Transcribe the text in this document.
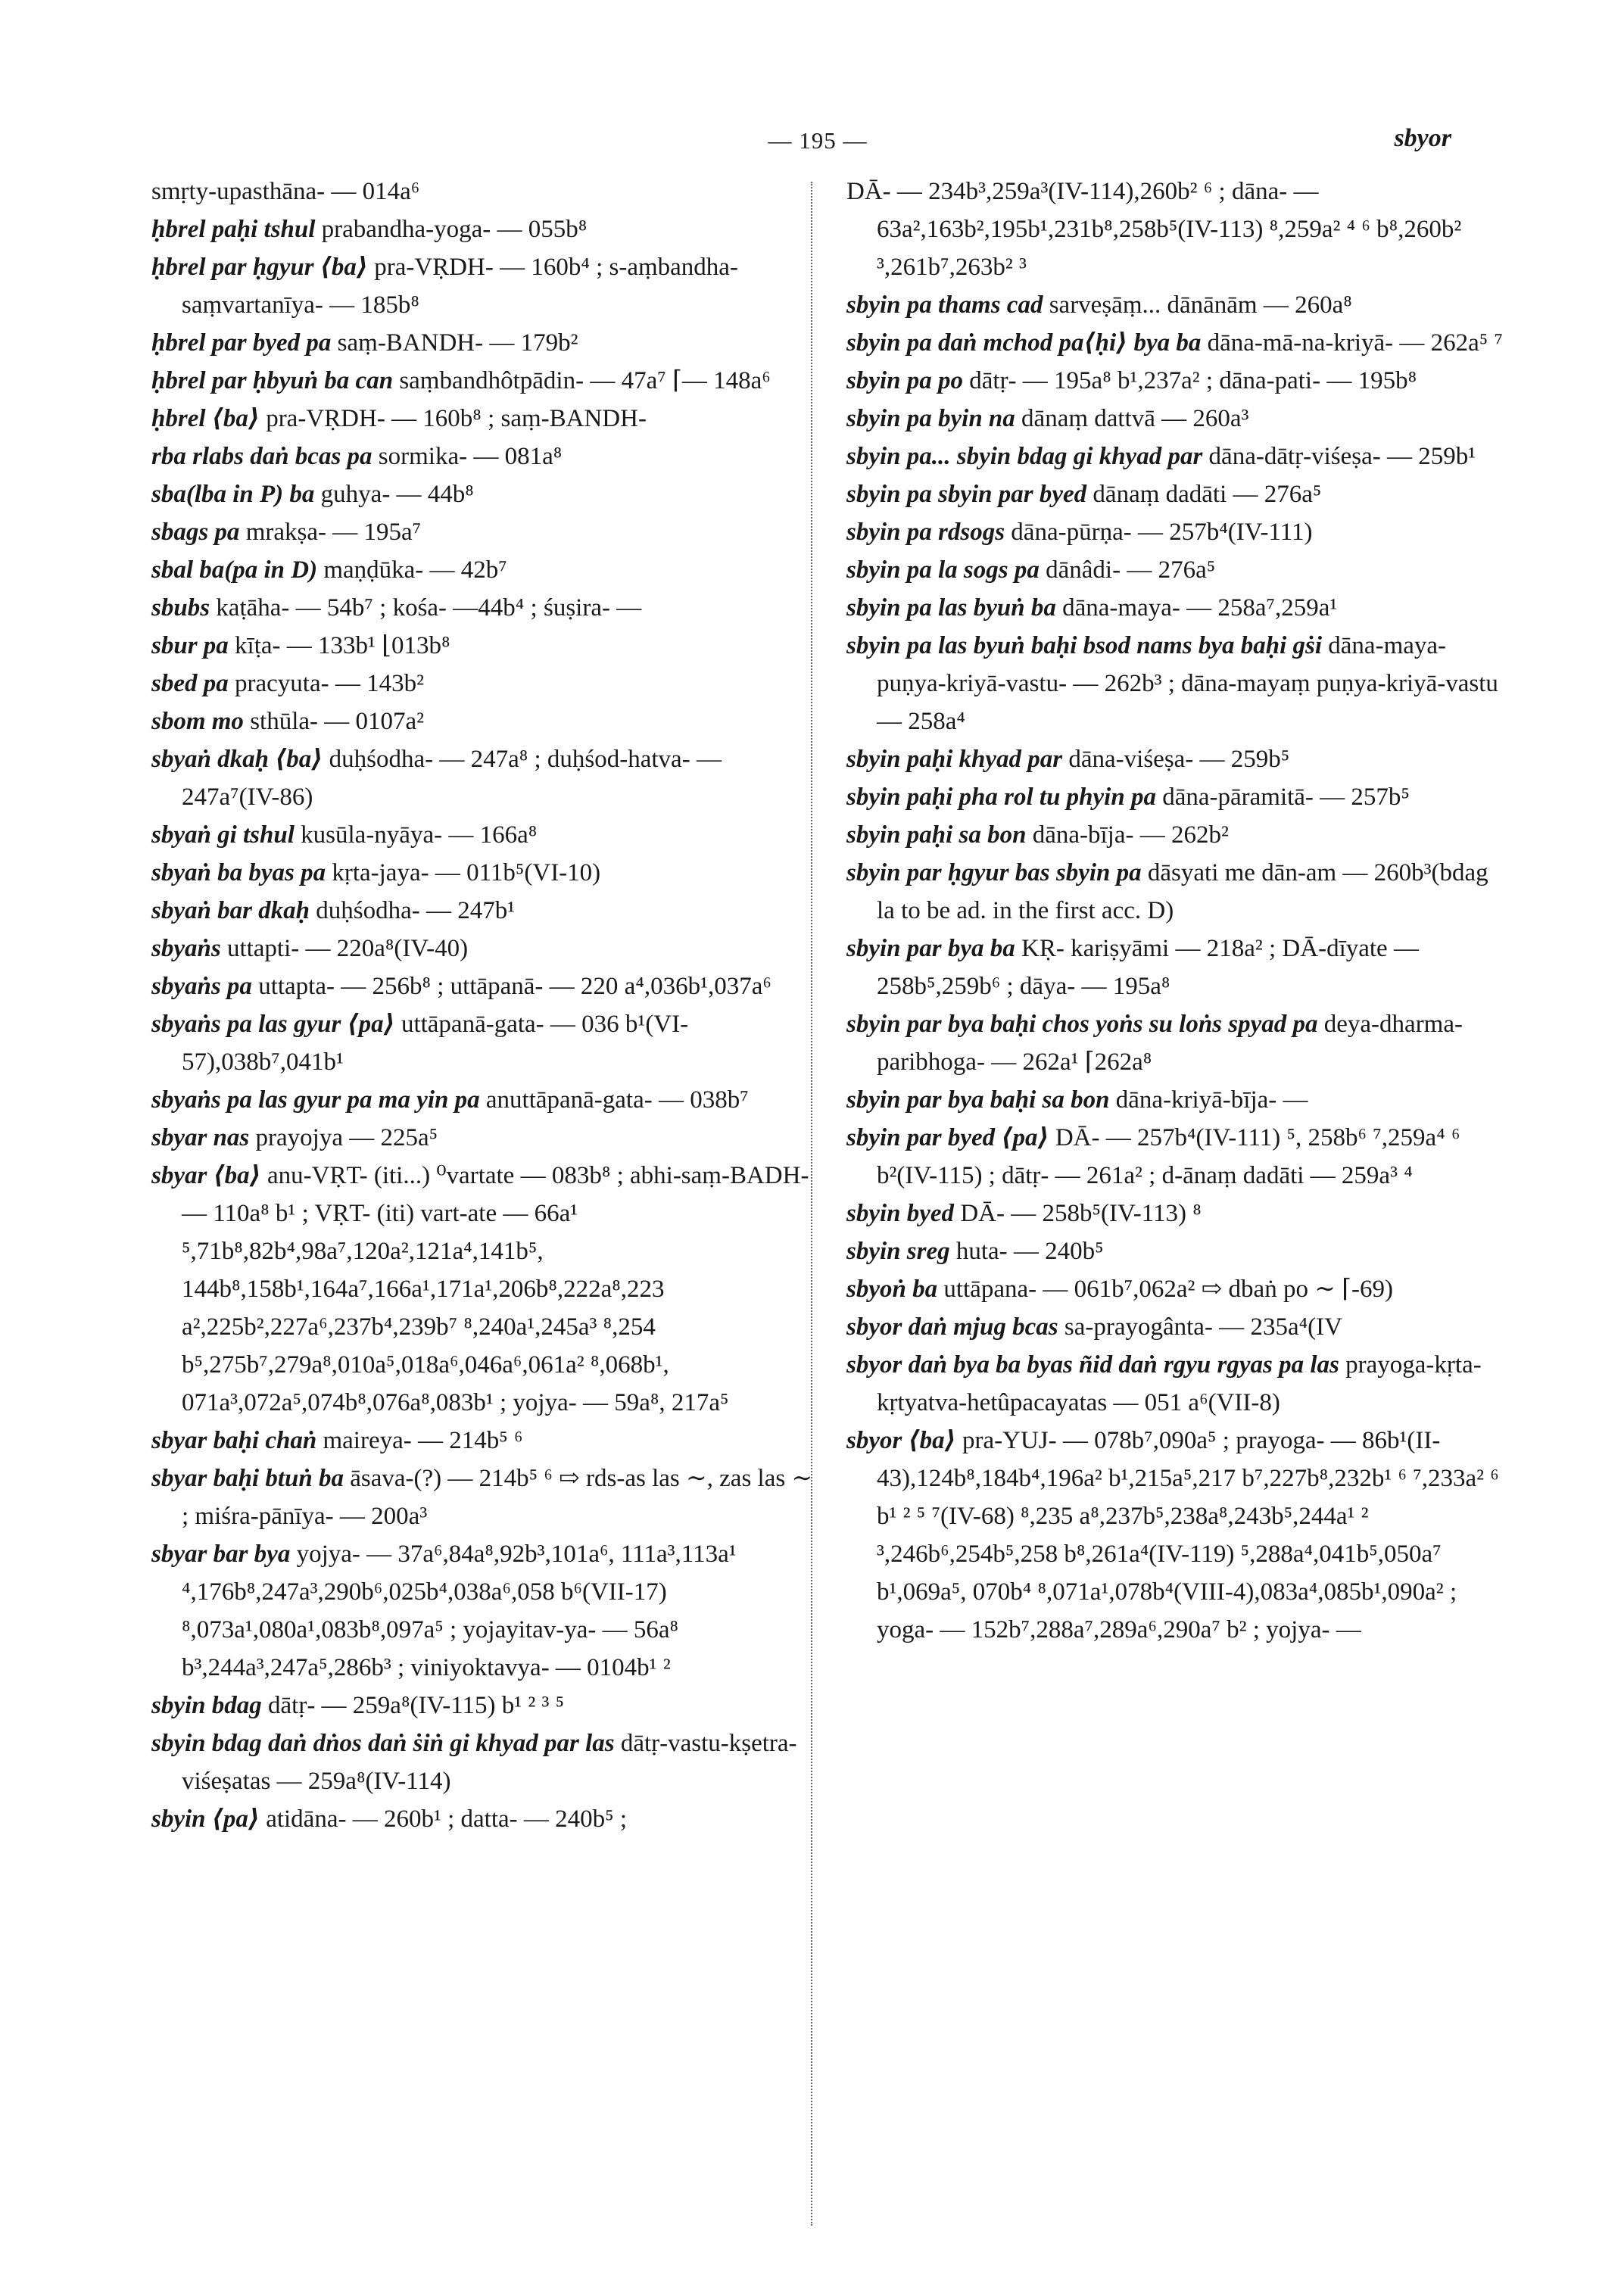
— 195 —	sbyor

smṛty-upasthāna- — 014a⁶

ḥbrel paḥi tshul prabandha-yoga- — 055b⁸

ḥbrel par ḥgyur ⟨ba⟩ pra-VṚDH- — 160b⁴ ; s-aṃbandha-saṃvartanīya- — 185b⁸

ḥbrel par byed pa saṃ-BANDH- — 179b²

ḥbrel par ḥbyuṅ ba can saṃbandhôtpādin- — 47a⁷ ⌈— 148a⁶

ḥbrel ⟨ba⟩ pra-VṚDH- — 160b⁸ ; saṃ-BANDH-

rba rlabs daṅ bcas pa sormika- — 081a⁸

sba(lba in P) ba guhya- — 44b⁸

sbags pa mrakṣa- — 195a⁷

sbal ba(pa in D) maṇḍūka- — 42b⁷

sbubs kaṭāha- — 54b⁷ ; kośa- —44b⁴ ; śuṣira- —

sbur pa kīṭa- — 133b¹ ⌊013b⁸

sbed pa pracyuta- — 143b²

sbom mo sthūla- — 0107a²

sbyaṅ dkaḥ ⟨ba⟩ duḥśodha- — 247a⁸ ; duḥśod-hatva- — 247a⁷(IV-86)

sbyaṅ gi tshul kusūla-nyāya- — 166a⁸

sbyaṅ ba byas pa kṛta-jaya- — 011b⁵(VI-10)

sbyaṅ bar dkaḥ duḥśodha- — 247b¹

sbyaṅs uttapti- — 220a⁸(IV-40)

sbyaṅs pa uttapta- — 256b⁸ ; uttāpanā- — 220 a⁴,036b¹,037a⁶

sbyaṅs pa las gyur ⟨pa⟩ uttāpanā-gata- — 036 b¹(VI-57),038b⁷,041b¹

sbyaṅs pa las gyur pa ma yin pa anuttāpanā-gata- — 038b⁷

sbyar nas prayojya — 225a⁵

sbyar ⟨ba⟩ anu-VṚT- (iti...) ⁰vartate — 083b⁸ ; abhi-saṃ-BADH- — 110a⁸ b¹ ; VṚT- (iti) vart-ate — 66a¹ ⁵,71b⁸,82b⁴,98a⁷,120a²,121a⁴,141b⁵, 144b⁸,158b¹,164a⁷,166a¹,171a¹,206b⁸,222a⁸,223 a²,225b²,227a⁶,237b⁴,239b⁷ ⁸,240a¹,245a³ ⁸,254 b⁵,275b⁷,279a⁸,010a⁵,018a⁶,046a⁶,061a² ⁸,068b¹, 071a³,072a⁵,074b⁸,076a⁸,083b¹ ; yojya- — 59a⁸, 217a⁵

sbyar baḥi chaṅ maireya- — 214b⁵ ⁶

sbyar baḥi btuṅ ba āsava-(?) — 214b⁵ ⁶ ⇨ rds-as las ∼, zas las ∼ ; miśra-pānīya- — 200a³

sbyar bar bya yojya- — 37a⁶,84a⁸,92b³,101a⁶, 111a³,113a¹ ⁴,176b⁸,247a³,290b⁶,025b⁴,038a⁶,058 b⁶(VII-17) ⁸,073a¹,080a¹,083b⁸,097a⁵ ; yojayitav-ya- — 56a⁸ b³,244a³,247a⁵,286b³ ; viniyoktavya- — 0104b¹ ²

sbyin bdag dātṛ- — 259a⁸(IV-115) b¹ ² ³ ⁵

sbyin bdag daṅ dṅos daṅ ṡiṅ gi khyad par las dātṛ-vastu-kṣetra-viśeṣatas — 259a⁸(IV-114)

sbyin ⟨pa⟩ atidāna- — 260b¹ ; datta- — 240b⁵ ;

DĀ- — 234b³,259a³(IV-114),260b² ⁶ ; dāna- — 63a²,163b²,195b¹,231b⁸,258b⁵(IV-113) ⁸,259a² ⁴ ⁶ b⁸,260b² ³,261b⁷,263b² ³

sbyin pa thams cad sarveṣāṃ... dānānām — 260a⁸

sbyin pa daṅ mchod pa⟨ḥi⟩ bya ba dāna-mā-na-kriyā- — 262a⁵ ⁷

sbyin pa po dātṛ- — 195a⁸ b¹,237a² ; dāna-pati- — 195b⁸

sbyin pa byin na dānaṃ dattvā — 260a³

sbyin pa... sbyin bdag gi khyad par dāna-dātṛ-viśeṣa- — 259b¹

sbyin pa sbyin par byed dānaṃ dadāti — 276a⁵

sbyin pa rdsogs dāna-pūrṇa- — 257b⁴(IV-111)

sbyin pa la sogs pa dānâdi- — 276a⁵

sbyin pa las byuṅ ba dāna-maya- — 258a⁷,259a¹

sbyin pa las byuṅ baḥi bsod nams bya baḥi gṡi dāna-maya-puṇya-kriyā-vastu- — 262b³ ; dāna-mayaṃ puṇya-kriyā-vastu — 258a⁴

sbyin paḥi khyad par dāna-viśeṣa- — 259b⁵

sbyin paḥi pha rol tu phyin pa dāna-pāramitā- — 257b⁵

sbyin paḥi sa bon dāna-bīja- — 262b²

sbyin par ḥgyur bas sbyin pa dāsyati me dān-am — 260b³(bdag la to be ad. in the first acc. D)

sbyin par bya ba KṚ- kariṣyāmi — 218a² ; DĀ-dīyate — 258b⁵,259b⁶ ; dāya- — 195a⁸

sbyin par bya baḥi chos yoṅs su loṅs spyad pa deya-dharma-paribhoga- — 262a¹ ⌈262a⁸

sbyin par bya baḥi sa bon dāna-kriyā-bīja- —

sbyin par byed ⟨pa⟩ DĀ- — 257b⁴(IV-111) ⁵, 258b⁶ ⁷,259a⁴ ⁶ b²(IV-115) ; dātṛ- — 261a² ; d-ānaṃ dadāti — 259a³ ⁴

sbyin byed DĀ- — 258b⁵(IV-113) ⁸

sbyin sreg huta- — 240b⁵

sbyoṅ ba uttāpana- — 061b⁷,062a² ⇨ dbaṅ po ∼ ⌈-69)

sbyor daṅ mjug bcas sa-prayogânta- — 235a⁴(IV

sbyor daṅ bya ba byas ñid daṅ rgyu rgyas pa las prayoga-kṛta-kṛtyatva-hetûpacayatas — 051 a⁶(VII-8)

sbyor ⟨ba⟩ pra-YUJ- — 078b⁷,090a⁵ ; prayoga- — 86b¹(II-43),124b⁸,184b⁴,196a² b¹,215a⁵,217 b⁷,227b⁸,232b¹ ⁶ ⁷,233a² ⁶ b¹ ² ⁵ ⁷(IV-68) ⁸,235 a⁸,237b⁵,238a⁸,243b⁵,244a¹ ² ³,246b⁶,254b⁵,258 b⁸,261a⁴(IV-119) ⁵,288a⁴,041b⁵,050a⁷ b¹,069a⁵, 070b⁴ ⁸,071a¹,078b⁴(VIII-4),083a⁴,085b¹,090a² ; yoga- — 152b⁷,288a⁷,289a⁶,290a⁷ b² ; yojya- —
